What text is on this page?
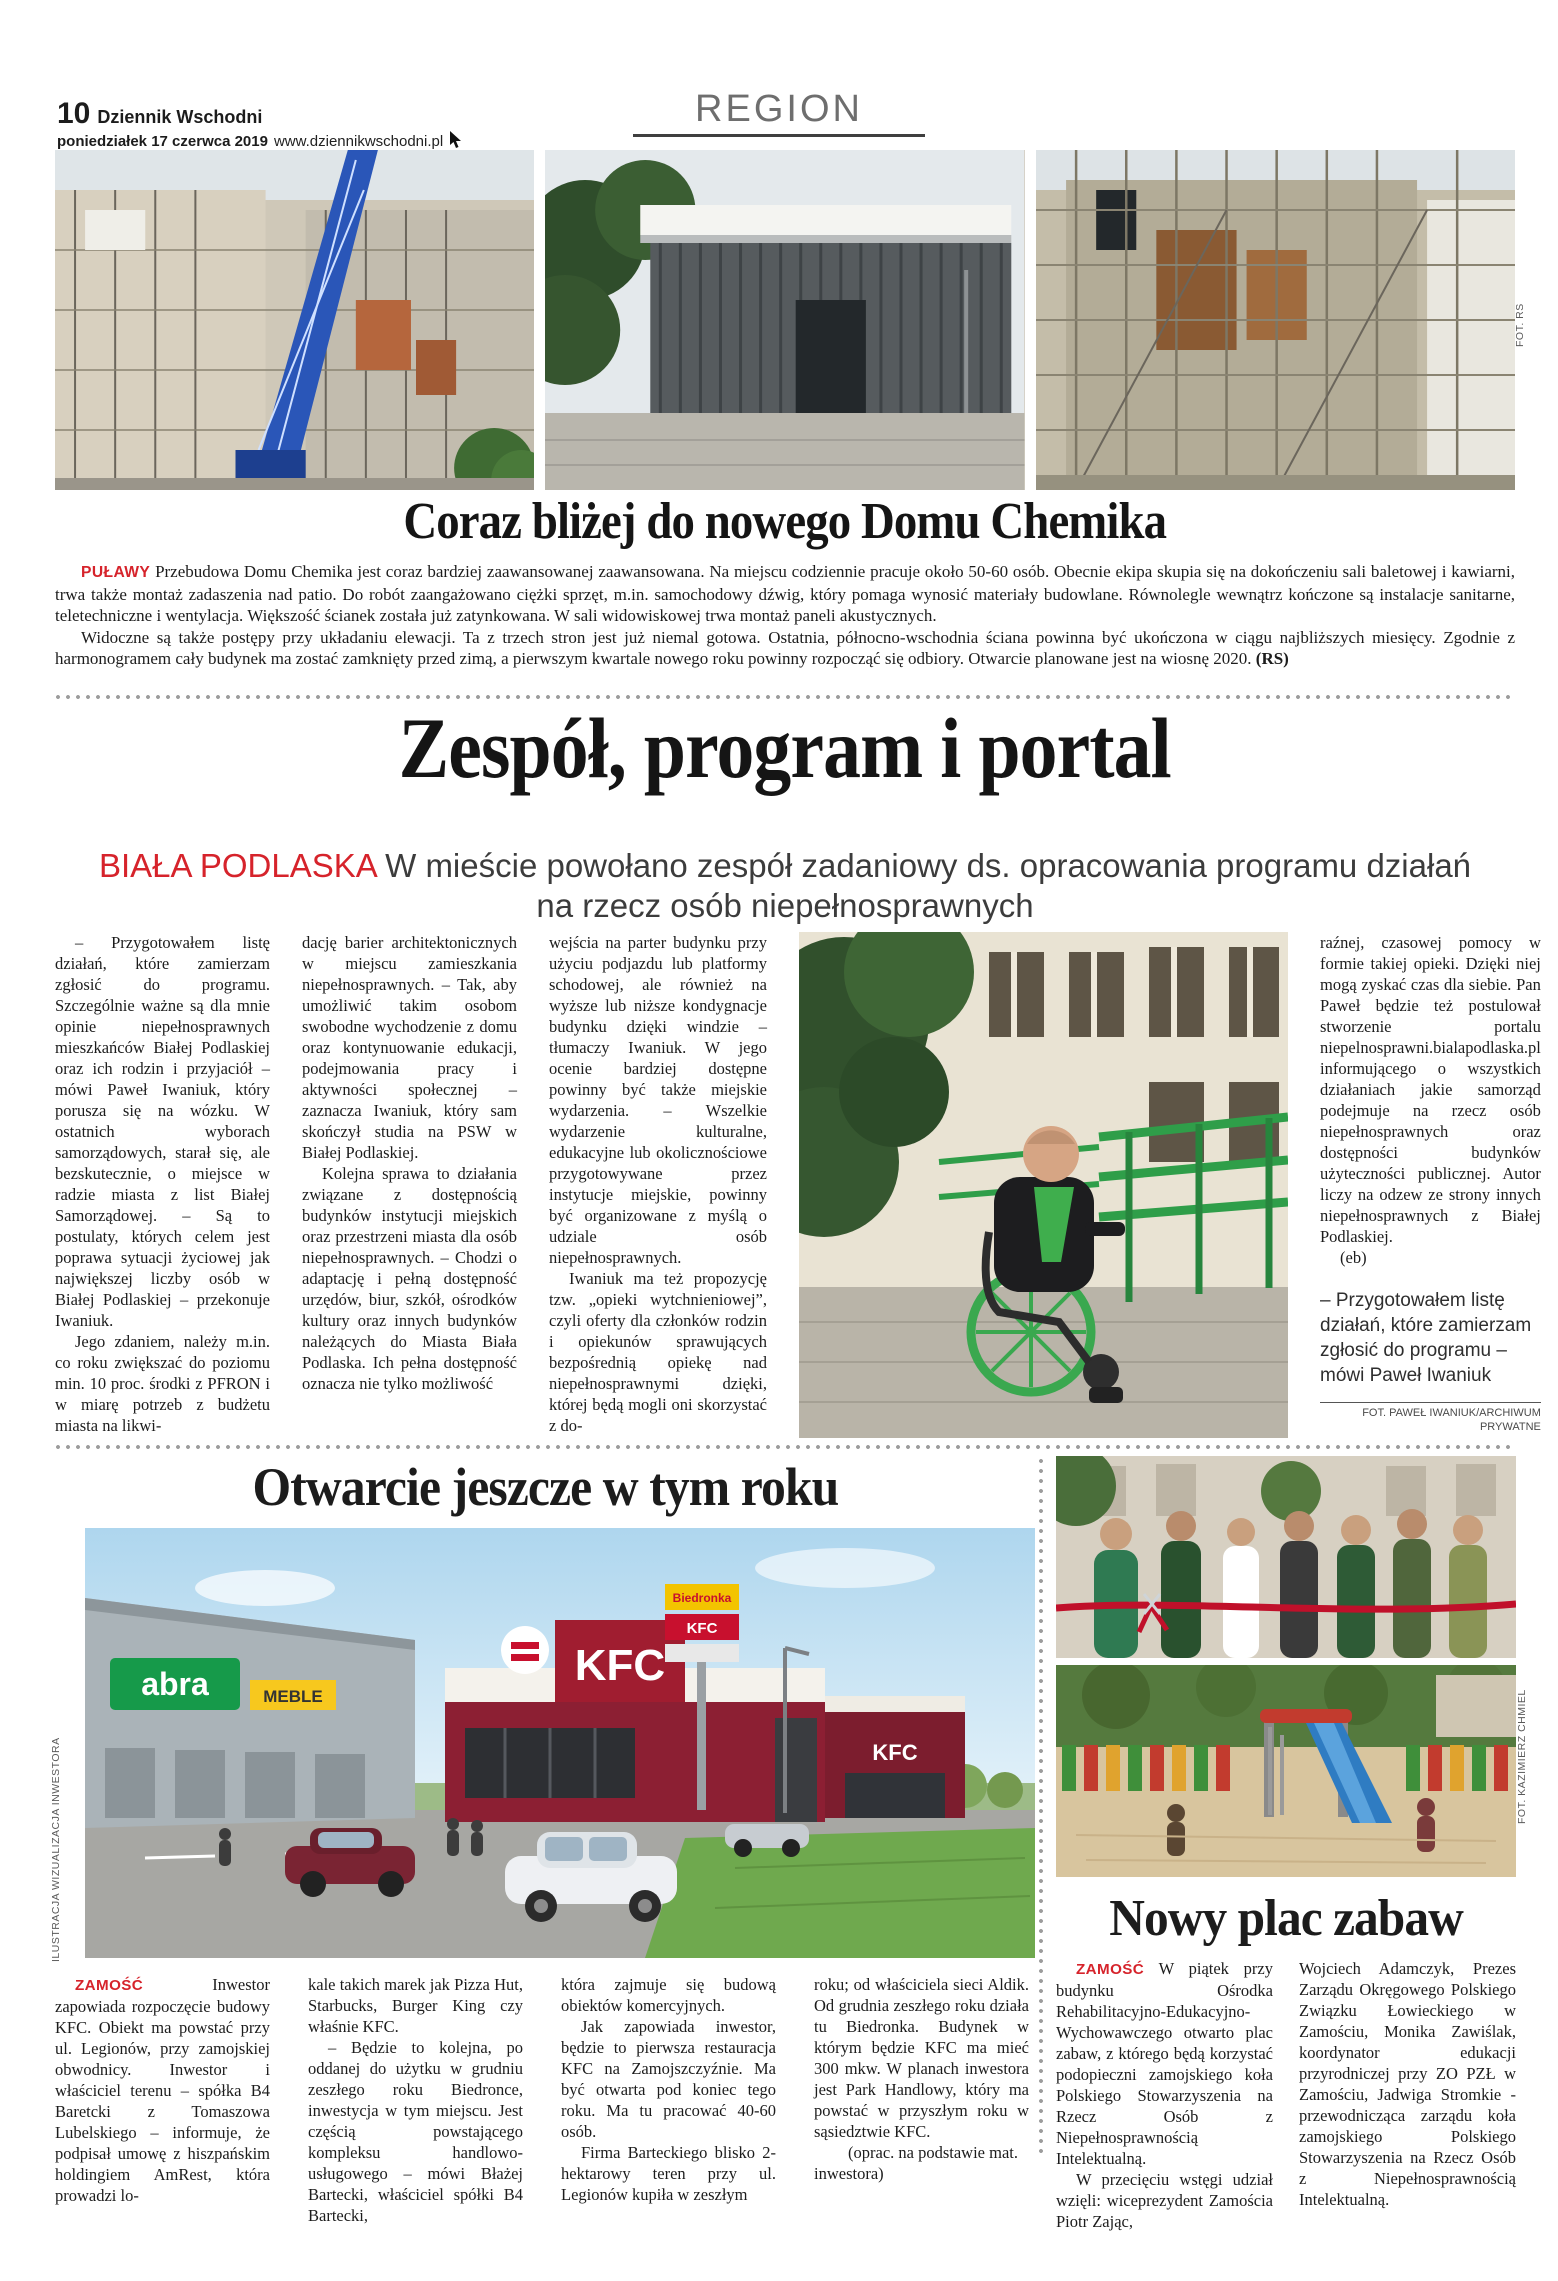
10 Dziennik Wschodni
poniedziałek 17 czerwca 2019 www.dziennikwschodni.pl
REGION
FOT. RS
Coraz bliżej do nowego Domu Chemika

PUŁAWY Przebudowa Domu Chemika jest coraz bardziej zaawansowanej zaawansowana. Na miejscu codziennie pracuje około 50-60 osób. Obecnie ekipa skupia się na dokończeniu sali baletowej i kawiarni, trwa także montaż zadaszenia nad patio. Do robót zaangażowano ciężki sprzęt, m.in. samochodowy dźwig, który pomaga wynosić materiały budowlane. Równolegle wewnątrz kończone są instalacje sanitarne, teletechniczne i wentylacja. Większość ścianek została już zatynkowana. W sali widowiskowej trwa montaż paneli akustycznych.

Widoczne są także postępy przy układaniu elewacji. Ta z trzech stron jest już niemal gotowa. Ostatnia, północno-wschodnia ściana powinna być ukończona w ciągu najbliższych miesięcy. Zgodnie z harmonogramem cały budynek ma zostać zamknięty przed zimą, a pierwszym kwartale nowego roku powinny rozpocząć się odbiory. Otwarcie planowane jest na wiosnę 2020. (RS)

Zespół, program i portal
BIAŁA PODLASKA W mieście powołano zespół zadaniowy ds. opracowania programu działań
na rzecz osób niepełnosprawnych

– Przygotowałem listę działań, które zamierzam zgłosić do programu. Szczególnie ważne są dla mnie opinie niepełnosprawnych mieszkańców Białej Podlaskiej oraz ich rodzin i przyjaciół – mówi Paweł Iwaniuk, który porusza się na wózku. W ostatnich wyborach samorządowych, starał się, ale bezskutecznie, o miejsce w radzie miasta z list Białej Samorządowej. – Są to postulaty, których celem jest poprawa sytuacji życiowej jak największej liczby osób w Białej Podlaskiej – przekonuje Iwaniuk.

Jego zdaniem, należy m.in. co roku zwiększać do poziomu min. 10 proc. środki z PFRON i w miarę potrzeb z budżetu miasta na likwi-

dację barier architektonicznych w miejscu zamieszkania niepełnosprawnych. – Tak, aby umożliwić takim osobom swobodne wychodzenie z domu oraz kontynuowanie edukacji, podejmowania pracy i aktywności społecznej – zaznacza Iwaniuk, który sam skończył studia na PSW w Białej Podlaskiej.

Kolejna sprawa to działania związane z dostępnością budynków instytucji miejskich oraz przestrzeni miasta dla osób niepełnosprawnych. – Chodzi o adaptację i pełną dostępność urzędów, biur, szkół, ośrodków kultury oraz innych budynków należących do Miasta Biała Podlaska. Ich pełna dostępność oznacza nie tylko możliwość

wejścia na parter budynku przy użyciu podjazdu lub platformy schodowej, ale również na wyższe lub niższe kondygnacje budynku dzięki windzie – tłumaczy Iwaniuk. W jego ocenie bardziej dostępne powinny być także miejskie wydarzenia. – Wszelkie wydarzenie kulturalne, edukacyjne lub okolicznościowe przygotowywane przez instytucje miejskie, powinny być organizowane z myślą o udziale osób niepełnosprawnych.

Iwaniuk ma też propozycję tzw. „opieki wytchnieniowej”, czyli oferty dla członków rodzin i opiekunów sprawujących bezpośrednią opiekę nad niepełnosprawnymi dzięki, której będą mogli oni skorzystać z do-

raźnej, czasowej pomocy w formie takiej opieki. Dzięki niej mogą zyskać czas dla siebie. Pan Paweł będzie też postulował stworzenie portalu niepelnosprawni.bialapodlaska.pl informującego o wszystkich działaniach jakie samorząd podejmuje na rzecz osób niepełnosprawnych oraz dostępności budynków użyteczności publicznej. Autor liczy na odzew ze strony innych niepełnosprawnych z Białej Podlaskiej.

(eb)

– Przygotowałem listę działań, które zamierzam zgłosić do programu – mówi Paweł Iwaniuk
FOT. PAWEŁ IWANIUK/ARCHIWUM
PRYWATNE
Otwarcie jeszcze w tym roku
abra	MEBLE
KFC
KFC
Biedronka
KFC

ZAMOŚĆ	Inwestor zapowiada rozpoczęcie budowy KFC. Obiekt ma powstać przy ul. Legionów, przy zamojskiej obwodnicy. Inwestor i właściciel terenu – spółka B4 Baretcki z Tomaszowa Lubelskiego – informuje, że podpisał umowę z hiszpańskim holdingiem AmRest, która prowadzi lo-

kale takich marek jak Pizza Hut, Starbucks, Burger King czy właśnie KFC.

– Będzie to kolejna, po oddanej do użytku w grudniu zeszłego roku Biedronce, inwestycja w tym miejscu. Jest częścią powstającego kompleksu handlowo-usługowego – mówi Błażej Bartecki, właściciel spółki B4 Bartecki,

która zajmuje się budową obiektów komercyjnych.

Jak zapowiada inwestor, będzie to pierwsza restauracja KFC na Zamojszczyźnie. Ma być otwarta pod koniec tego roku. Ma tu pracować 40-60 osób.

Firma Barteckiego blisko 2-hektarowy teren przy ul. Legionów kupiła w zeszłym

roku; od właściciela sieci Aldik. Od grudnia zeszłego roku działa tu Biedronka. Budynek w którym będzie KFC ma mieć 300 mkw. W planach inwestora jest Park Handlowy, który ma powstać w przyszłym roku w sąsiedztwie KFC.

(oprac. na podstawie mat. inwestora)

ILUSTRACJA WIZUALIZACJA INWESTORA	Nowy plac zabaw

ZAMOŚĆ W piątek przy budynku Ośrodka Rehabilitacyjno-Edukacyjno-Wychowawczego otwarto plac zabaw, z którego będą korzystać podopieczni zamojskiego koła Polskiego Stowarzyszenia na Rzecz Osób z Niepełnosprawnością Intelektualną.

W przecięciu wstęgi udział wzięli: wiceprezydent Zamościa Piotr Zając,

Wojciech Adamczyk, Prezes Zarządu Okręgowego Polskiego Związku Łowieckiego w Zamościu, Monika Zawiślak, koordynator edukacji przyrodniczej przy ZO PZŁ w Zamościu, Jadwiga Stromkie - przewodnicząca zarządu koła zamojskiego Polskiego Stowarzyszenia na Rzecz Osób z Niepełnosprawnością Intelektualną.

FOT. KAZIMIERZ CHMIEL
